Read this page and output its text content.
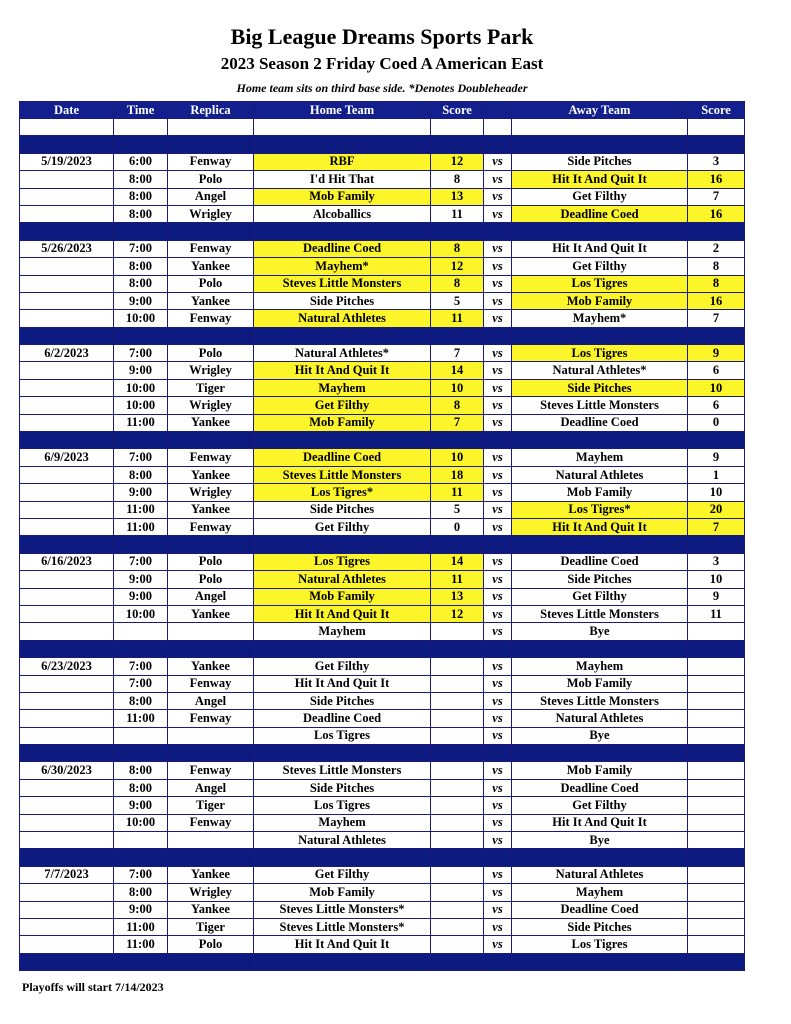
Big League Dreams Sports Park
2023 Season 2 Friday Coed A American East
Home team sits on third base side. *Denotes Doubleheader
Date	Time	Replica	Home Team	Score		Away Team	Score

5/19/2023	6:00	Fenway	RBF	12	vs	Side Pitches	3
	8:00	Polo	I'd Hit That	8	vs	Hit It And Quit It	16
	8:00	Angel	Mob Family	13	vs	Get Filthy	7
	8:00	Wrigley	Alcoballics	11	vs	Deadline Coed	16

5/26/2023	7:00	Fenway	Deadline Coed	8	vs	Hit It And Quit It	2
	8:00	Yankee	Mayhem*	12	vs	Get Filthy	8
	8:00	Polo	Steves Little Monsters	8	vs	Los Tigres	8
	9:00	Yankee	Side Pitches	5	vs	Mob Family	16
	10:00	Fenway	Natural Athletes	11	vs	Mayhem*	7

6/2/2023	7:00	Polo	Natural Athletes*	7	vs	Los Tigres	9
	9:00	Wrigley	Hit It And Quit It	14	vs	Natural Athletes*	6
	10:00	Tiger	Mayhem	10	vs	Side Pitches	10
	10:00	Wrigley	Get Filthy	8	vs	Steves Little Monsters	6
	11:00	Yankee	Mob Family	7	vs	Deadline Coed	0

6/9/2023	7:00	Fenway	Deadline Coed	10	vs	Mayhem	9
	8:00	Yankee	Steves Little Monsters	18	vs	Natural Athletes	1
	9:00	Wrigley	Los Tigres*	11	vs	Mob Family	10
	11:00	Yankee	Side Pitches	5	vs	Los Tigres*	20
	11:00	Fenway	Get Filthy	0	vs	Hit It And Quit It	7

6/16/2023	7:00	Polo	Los Tigres	14	vs	Deadline Coed	3
	9:00	Polo	Natural Athletes	11	vs	Side Pitches	10
	9:00	Angel	Mob Family	13	vs	Get Filthy	9
	10:00	Yankee	Hit It And Quit It	12	vs	Steves Little Monsters	11
			Mayhem		vs	Bye	

6/23/2023	7:00	Yankee	Get Filthy		vs	Mayhem	
	7:00	Fenway	Hit It And Quit It		vs	Mob Family	
	8:00	Angel	Side Pitches		vs	Steves Little Monsters	
	11:00	Fenway	Deadline Coed		vs	Natural Athletes	
			Los Tigres		vs	Bye	

6/30/2023	8:00	Fenway	Steves Little Monsters		vs	Mob Family	
	8:00	Angel	Side Pitches		vs	Deadline Coed	
	9:00	Tiger	Los Tigres		vs	Get Filthy	
	10:00	Fenway	Mayhem		vs	Hit It And Quit It	
			Natural Athletes		vs	Bye	

7/7/2023	7:00	Yankee	Get Filthy		vs	Natural Athletes	
	8:00	Wrigley	Mob Family		vs	Mayhem	
	9:00	Yankee	Steves Little Monsters*		vs	Deadline Coed	
	11:00	Tiger	Steves Little Monsters*		vs	Side Pitches	
	11:00	Polo	Hit It And Quit It		vs	Los Tigres	

Playoffs will start 7/14/2023
